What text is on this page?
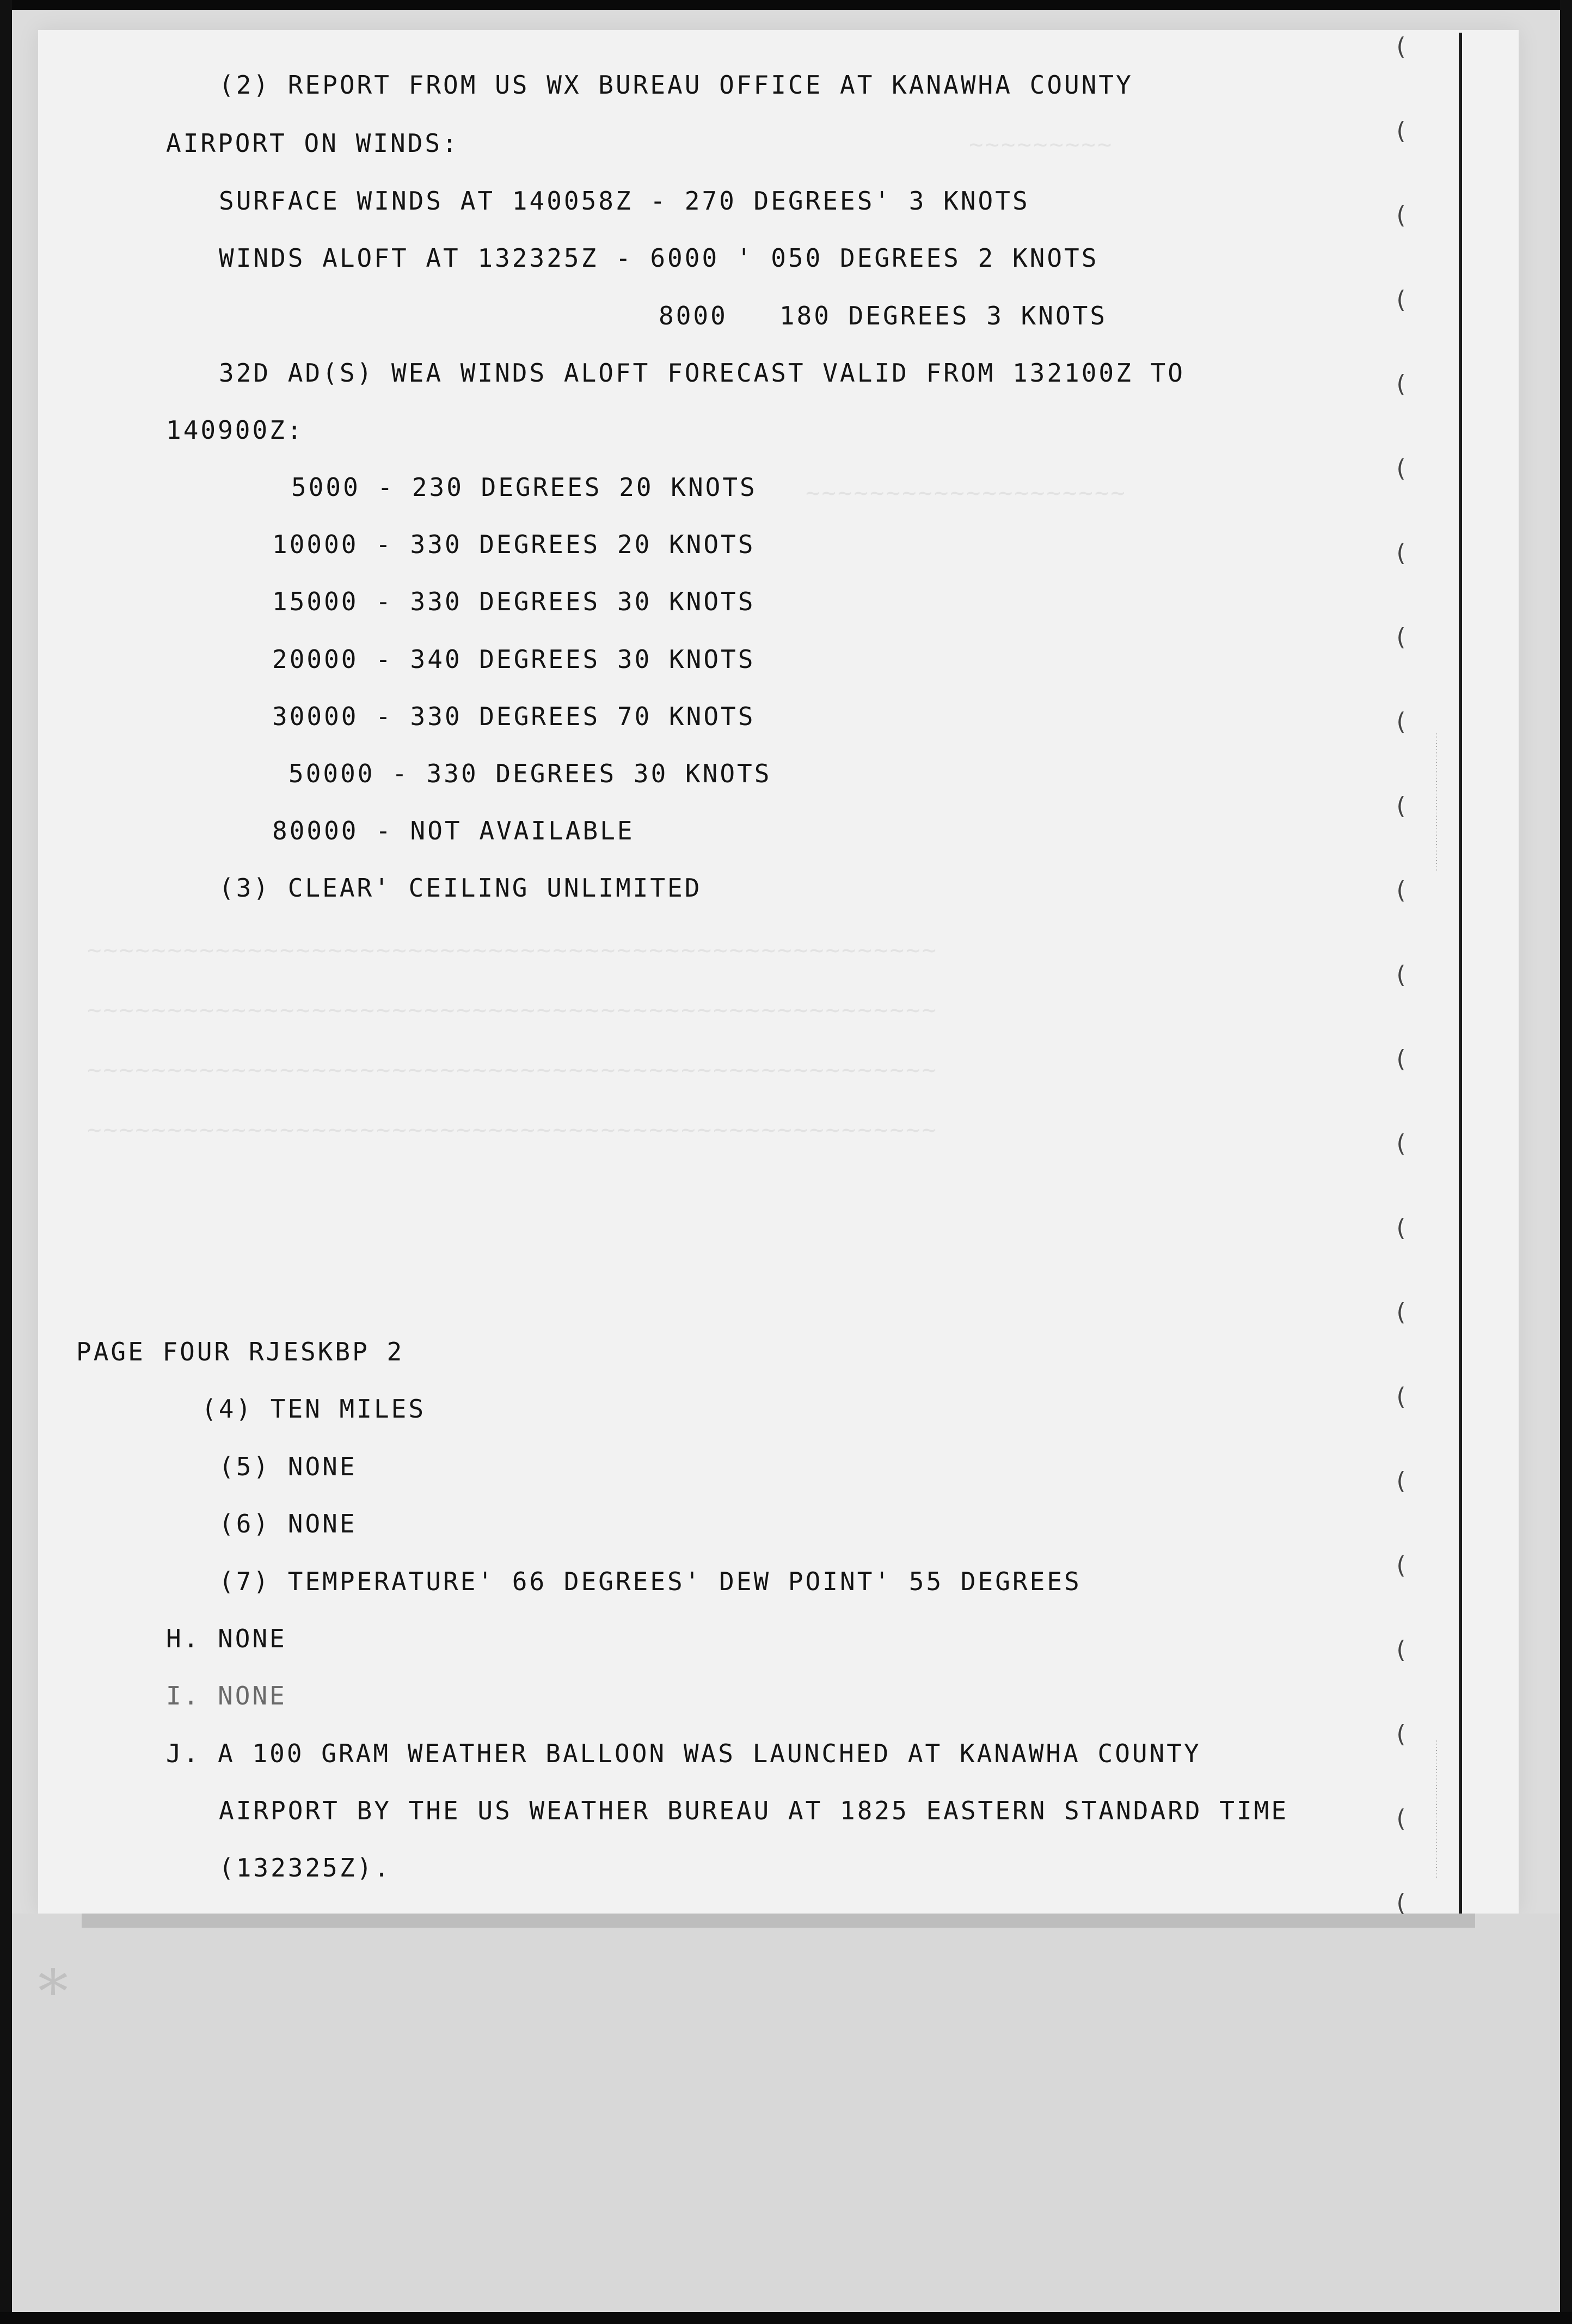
~~~~~~~~~
~~~~~~~~~~~~~~~~~~~~
~~~~~~~~~~~~~~~~~~~~~~~~~~~~~~~~~~~~~~~~~~~~~~~~~~~~~
~~~~~~~~~~~~~~~~~~~~~~~~~~~~~~~~~~~~~~~~~~~~~~~~~~~~~
~~~~~~~~~~~~~~~~~~~~~~~~~~~~~~~~~~~~~~~~~~~~~~~~~~~~~
~~~~~~~~~~~~~~~~~~~~~~~~~~~~~~~~~~~~~~~~~~~~~~~~~~~~~
(
(
(
(
(
(
(
(
(
(
(
(
(
(
(
(
(
(
(
(
(
(
(
············································
············································
(2) REPORT FROM US WX BUREAU OFFICE AT KANAWHA COUNTY
AIRPORT ON WINDS:
SURFACE WINDS AT 140058Z - 270 DEGREES' 3 KNOTS
WINDS ALOFT AT 132325Z - 6000 ' 050 DEGREES 2 KNOTS
8000   180 DEGREES 3 KNOTS
32D AD(S) WEA WINDS ALOFT FORECAST VALID FROM 132100Z TO
140900Z:
5000 - 230 DEGREES 20 KNOTS
10000 - 330 DEGREES 20 KNOTS
15000 - 330 DEGREES 30 KNOTS
20000 - 340 DEGREES 30 KNOTS
30000 - 330 DEGREES 70 KNOTS
50000 - 330 DEGREES 30 KNOTS
80000 - NOT AVAILABLE
(3) CLEAR' CEILING UNLIMITED
PAGE FOUR RJESKBP 2
(4) TEN MILES
(5) NONE
(6) NONE
(7) TEMPERATURE' 66 DEGREES' DEW POINT' 55 DEGREES
H. NONE
I. NONE
J. A 100 GRAM WEATHER BALLOON WAS LAUNCHED AT KANAWHA COUNTY
AIRPORT BY THE US WEATHER BUREAU AT 1825 EASTERN STANDARD TIME
(132325Z).
⁎
